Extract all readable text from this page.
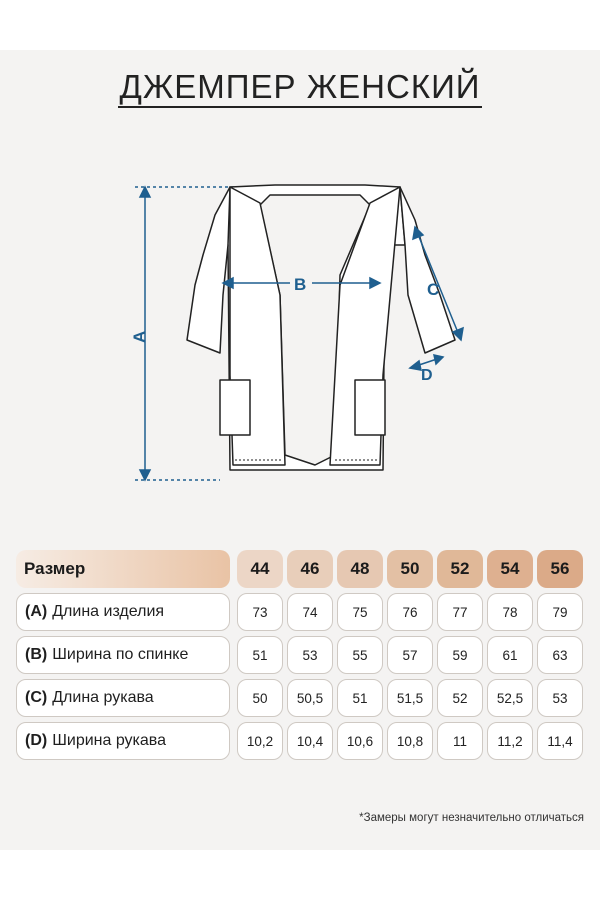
ДЖЕМПЕР ЖЕНСКИЙ
A
B	C
D
Размер	44	46	48	50	52	54	56
(A) Длина изделия	73	74	75	76	77	78	79
(B) Ширина по спинке	51	53	55	57	59	61	63
(C) Длина рукава	50	50,5	51	51,5	52	52,5	53
(D) Ширина рукава	10,2	10,4	10,6	10,8	11	11,2	11,4
*Замеры могут незначительно отличаться
